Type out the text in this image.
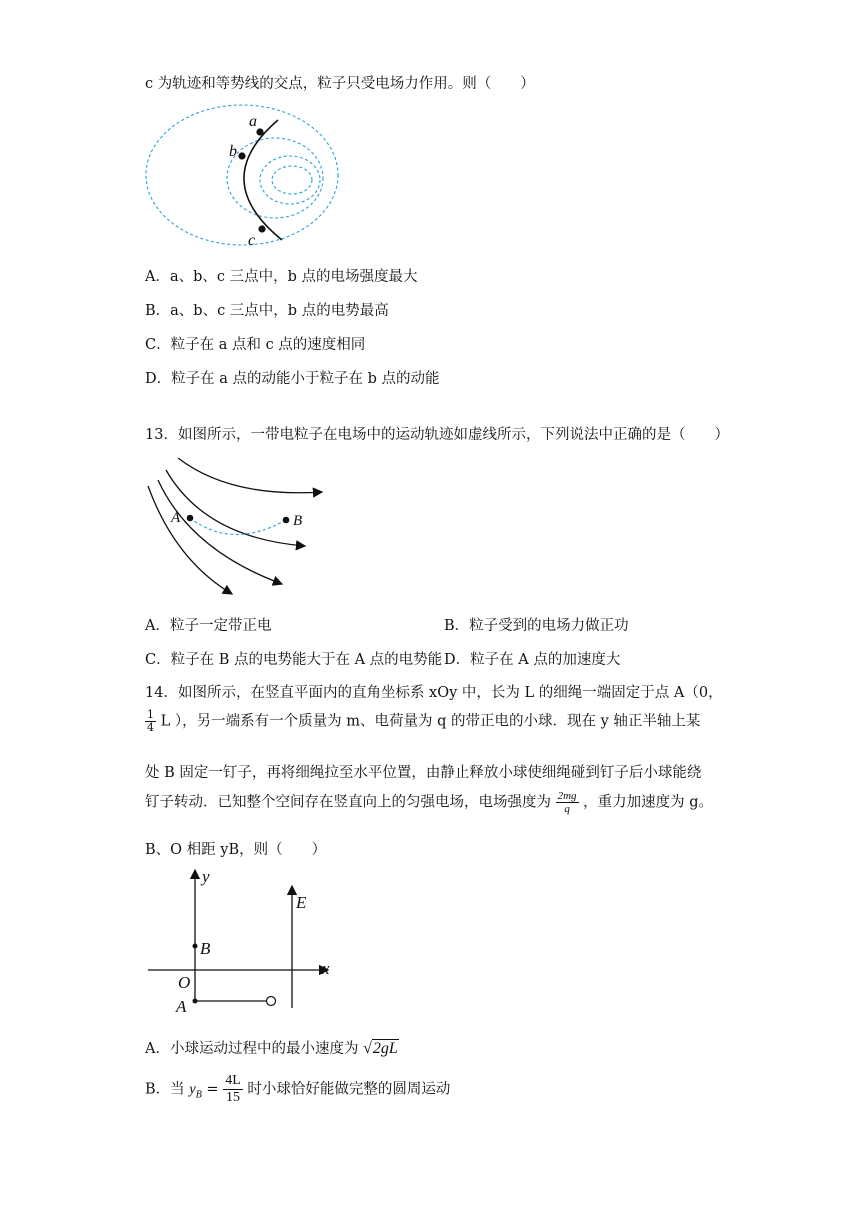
c 为轨迹和等势线的交点，粒子只受电场力作用。则（　　）
a
b
c
A．a、b、c 三点中，b 点的电场强度最大
B．a、b、c 三点中，b 点的电势最高
C．粒子在 a 点和 c 点的速度相同
D．粒子在 a 点的动能小于粒子在 b 点的动能
13．如图所示，一带电粒子在电场中的运动轨迹如虚线所示，下列说法中正确的是（　　）
A	B
A．粒子一定带正电	B．粒子受到的电场力做正功
C．粒子在 B 点的电势能大于在 A 点的电势能 D．粒子在 A 点的加速度大
14．如图所示，在竖直平面内的直角坐标系 xOy 中，长为 L 的细绳一端固定于点 A（0，
$\frac{1}{4}$ L ），另一端系有一个质量为 m、电荷量为 q 的带正电的小球．现在 y 轴正半轴上某
处 B 固定一钉子，再将细绳拉至水平位置，由静止释放小球使细绳碰到钉子后小球能绕
钉子转动．已知整个空间存在竖直向上的匀强电场，电场强度为 $\frac{2mg}{q}$ ，重力加速度为 g。
B、O 相距 yB，则（　　）
y
x
B
O
A
E
A．小球运动过程中的最小速度为 √2gL
B．当 $y_B = \frac{4L}{15}$ 时小球恰好能做完整的圆周运动
